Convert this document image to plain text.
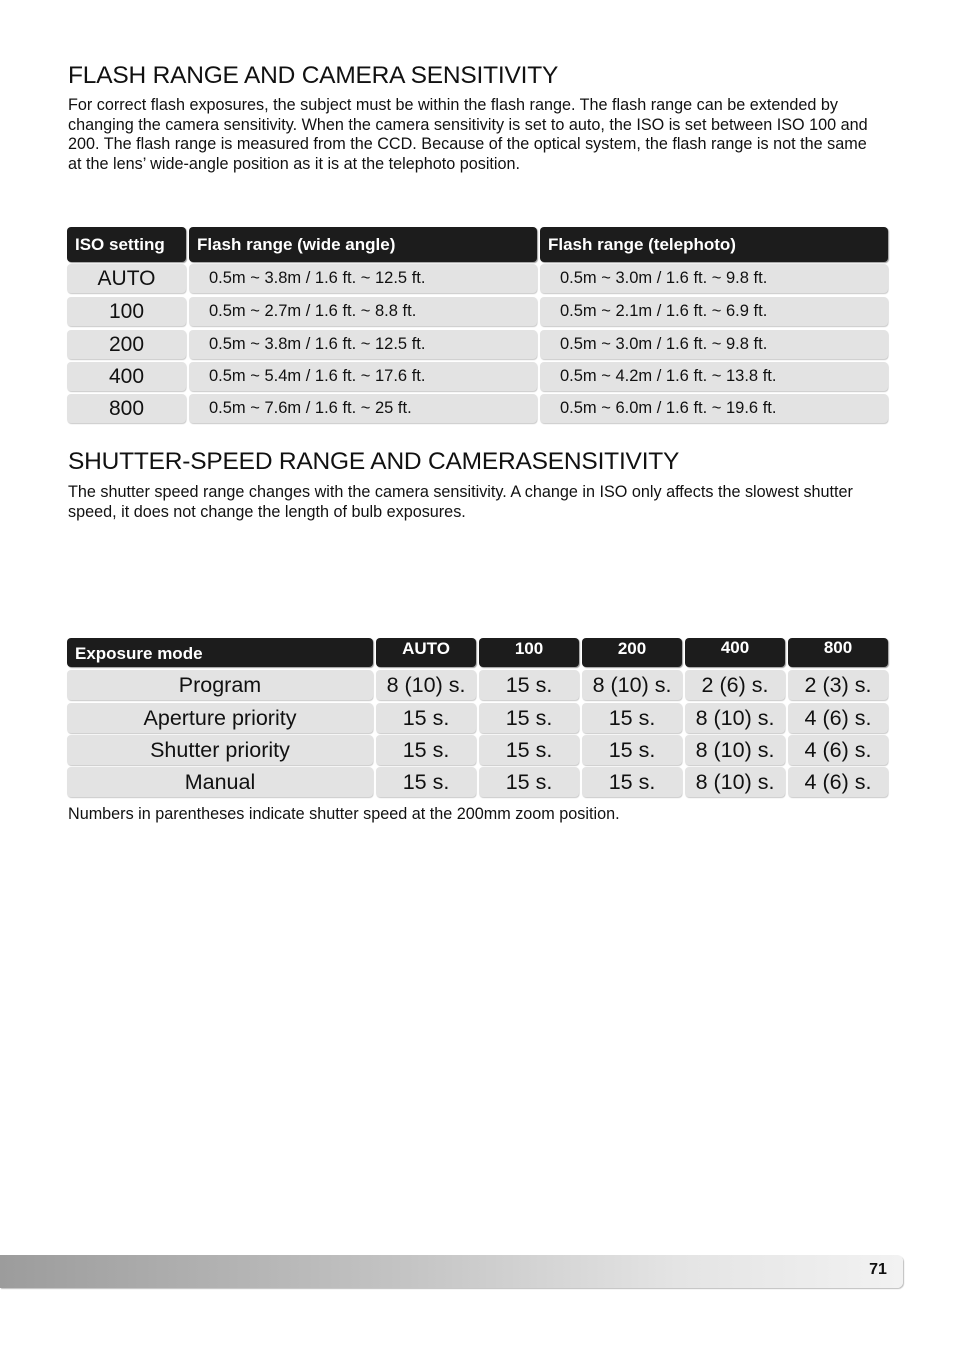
FLASH RANGE AND CAMERA SENSITIVITY

For correct flash exposures, the subject must be within the flash range. The flash range can be extended by changing the camera sensitivity. When the camera sensitivity is set to auto, the ISO is set between ISO 100 and 200. The flash range is measured from the CCD. Because of the optical system, the flash range is not the same at the lens’ wide-angle position as it is at the telephoto position.

ISO setting	Flash range (wide angle)	Flash range (telephoto)
AUTO	0.5m ~ 3.8m / 1.6 ft. ~ 12.5 ft.	0.5m ~ 3.0m / 1.6 ft. ~ 9.8 ft.
100	0.5m ~ 2.7m / 1.6 ft. ~ 8.8 ft.	0.5m ~ 2.1m / 1.6 ft. ~ 6.9 ft.
200	0.5m ~ 3.8m / 1.6 ft. ~ 12.5 ft.	0.5m ~ 3.0m / 1.6 ft. ~ 9.8 ft.
400	0.5m ~ 5.4m / 1.6 ft. ~ 17.6 ft.	0.5m ~ 4.2m / 1.6 ft. ~ 13.8 ft.
800	0.5m ~ 7.6m / 1.6 ft. ~ 25 ft.	0.5m ~ 6.0m / 1.6 ft. ~ 19.6 ft.
SHUTTER-SPEED RANGE AND CAMERASENSITIVITY

The shutter speed range changes with the camera sensitivity. A change in ISO only affects the slowest shutter speed, it does not change the length of bulb exposures.

Exposure mode	AUTO	100	200	400	800
Program	8 (10) s.	15 s.	8 (10) s.	2 (6) s.	2 (3) s.
Aperture priority	15 s.	15 s.	15 s.	8 (10) s.	4 (6) s.
Shutter priority	15 s.	15 s.	15 s.	8 (10) s.	4 (6) s.
Manual	15 s.	15 s.	15 s.	8 (10) s.	4 (6) s.

Numbers in parentheses indicate shutter speed at the 200mm zoom position.

71
